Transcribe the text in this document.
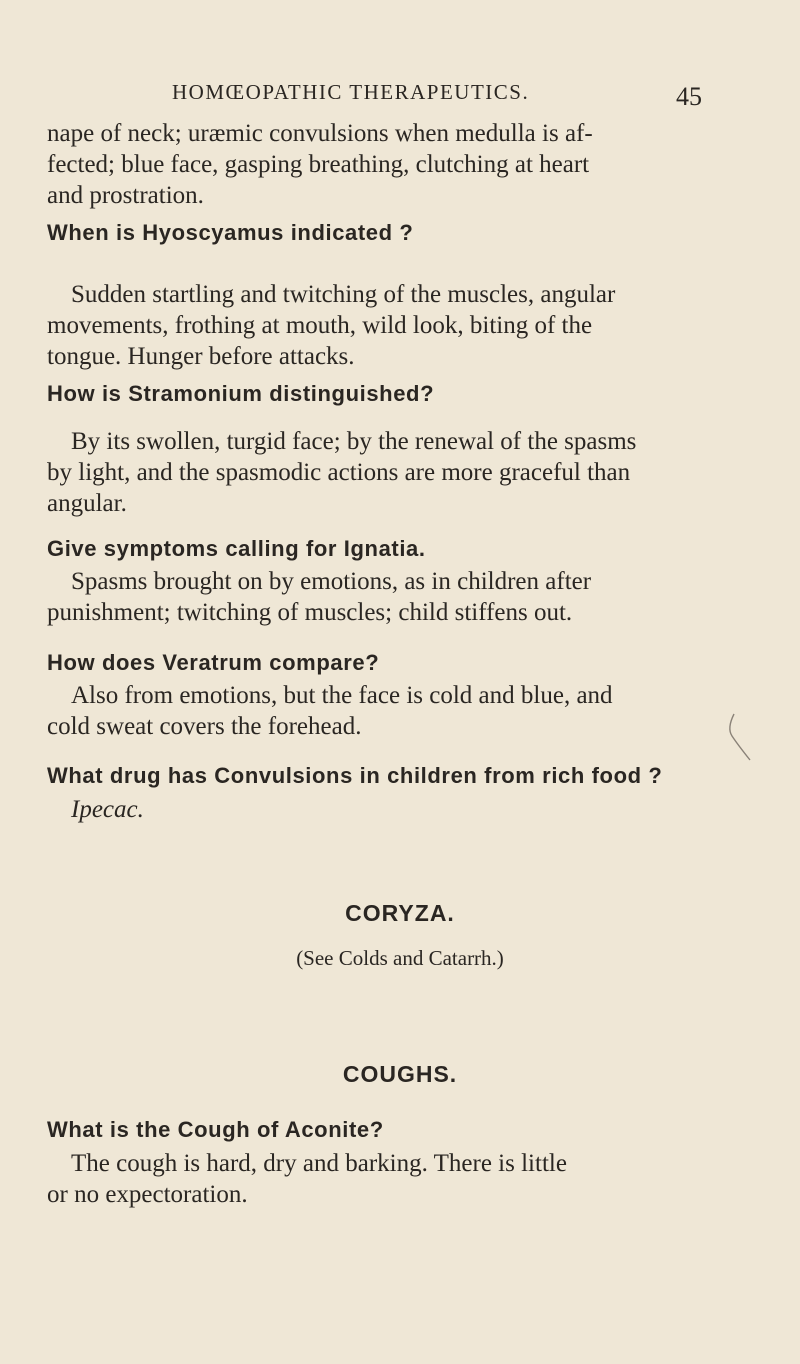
HOMŒOPATHIC THERAPEUTICS.	45

nape of neck; uræmic convulsions when medulla is af-

fected; blue face, gasping breathing, clutching at heart

and prostration.

When is Hyoscyamus indicated ?

Sudden startling and twitching of the muscles, angular

movements, frothing at mouth, wild look, biting of the

tongue. Hunger before attacks.

How is Stramonium distinguished?

By its swollen, turgid face; by the renewal of the spasms

by light, and the spasmodic actions are more graceful than

angular.

Give symptoms calling for Ignatia.

Spasms brought on by emotions, as in children after

punishment; twitching of muscles; child stiffens out.

How does Veratrum compare?

Also from emotions, but the face is cold and blue, and

cold sweat covers the forehead.

What drug has Convulsions in children from rich food ?
Ipecac.
CORYZA.
(See Colds and Catarrh.)
COUGHS.
What is the Cough of Aconite?

The cough is hard, dry and barking. There is little

or no expectoration.
